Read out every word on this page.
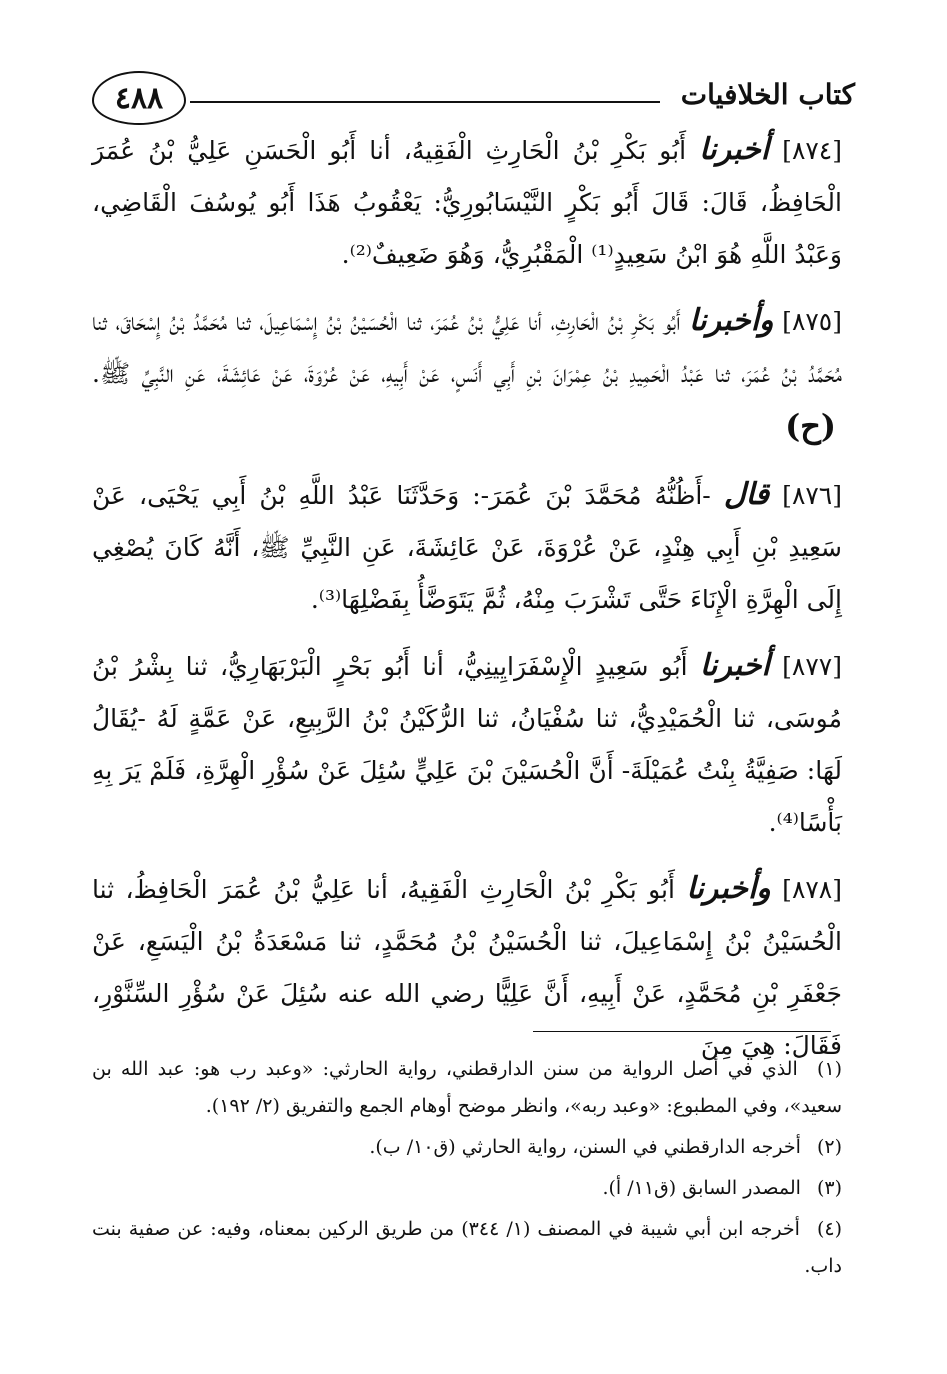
كتاب الخلافيات
٤٨٨

[٨٧٤] أخبرنا أَبُو بَكْرِ بْنُ الْحَارِثِ الْفَقِيهُ، أنا أَبُو الْحَسَنِ عَلِيُّ بْنُ عُمَرَ الْحَافِظُ، قَالَ: قَالَ أَبُو بَكْرٍ النَّيْسَابُورِيُّ: يَعْقُوبُ هَذَا أَبُو يُوسُفَ الْقَاضِي، وَعَبْدُ اللَّهِ هُوَ ابْنُ سَعِيدٍ⁽¹⁾ الْمَقْبُرِيُّ، وَهُوَ ضَعِيفٌ⁽²⁾.

[٨٧٥] وأخبرنا أَبُو بَكْرِ بْنُ الْحَارِثِ، أنا عَلِيُّ بْنُ عُمَرَ، ثنا الْحُسَيْنُ بْنُ إِسْمَاعِيلَ، ثنا مُحَمَّدُ بْنُ إِسْحَاقَ، ثنا مُحَمَّدُ بْنُ عُمَرَ، ثنا عَبْدُ الْحَمِيدِ بْنُ عِمْرَانَ بْنِ أَبِي أَنَسٍ، عَنْ أَبِيهِ، عَنْ عُرْوَةَ، عَنْ عَائِشَةَ، عَنِ النَّبِيِّ ﷺ. (ح)

[٨٧٦] قال -أَظُنُّهُ مُحَمَّدَ بْنَ عُمَرَ-: وَحَدَّثَنَا عَبْدُ اللَّهِ بْنُ أَبِي يَحْيَى، عَنْ سَعِيدِ بْنِ أَبِي هِنْدٍ، عَنْ عُرْوَةَ، عَنْ عَائِشَةَ، عَنِ النَّبِيِّ ﷺ، أَنَّهُ كَانَ يُصْغِي إِلَى الْهِرَّةِ الْإِنَاءَ حَتَّى تَشْرَبَ مِنْهُ، ثُمَّ يَتَوَضَّأُ بِفَضْلِهَا⁽³⁾.

[٨٧٧] أخبرنا أَبُو سَعِيدٍ الْإِسْفَرَايِينِيُّ، أنا أَبُو بَحْرٍ الْبَرْبَهَارِيُّ، ثنا بِشْرُ بْنُ مُوسَى، ثنا الْحُمَيْدِيُّ، ثنا سُفْيَانُ، ثنا الرُّكَيْنُ بْنُ الرَّبِيعِ، عَنْ عَمَّةٍ لَهُ -يُقَالُ لَهَا: صَفِيَّةُ بِنْتُ عُمَيْلَةَ- أَنَّ الْحُسَيْنَ بْنَ عَلِيٍّ سُئِلَ عَنْ سُؤْرِ الْهِرَّةِ، فَلَمْ يَرَ بِهِ بَأْسًا⁽⁴⁾.

[٨٧٨] وأخبرنا أَبُو بَكْرِ بْنُ الْحَارِثِ الْفَقِيهُ، أنا عَلِيُّ بْنُ عُمَرَ الْحَافِظُ، ثنا الْحُسَيْنُ بْنُ إِسْمَاعِيلَ، ثنا الْحُسَيْنُ بْنُ مُحَمَّدٍ، ثنا مَسْعَدَةُ بْنُ الْيَسَعِ، عَنْ جَعْفَرِ بْنِ مُحَمَّدٍ، عَنْ أَبِيهِ، أَنَّ عَلِيًّا رضي الله عنه سُئِلَ عَنْ سُؤْرِ السِّنَّوْرِ، فَقَالَ: هِيَ مِنَ

(١) الذي في أصل الرواية من سنن الدارقطني، رواية الحارثي: «وعبد رب هو: عبد الله بن سعيد»، وفي المطبوع: «وعبد ربه»، وانظر موضح أوهام الجمع والتفريق (٢/ ١٩٢).

(٢) أخرجه الدارقطني في السنن، رواية الحارثي (ق١٠/ ب).

(٣) المصدر السابق (ق١١/ أ).

(٤) أخرجه ابن أبي شيبة في المصنف (١/ ٣٤٤) من طريق الركين بمعناه، وفيه: عن صفية بنت داب.
